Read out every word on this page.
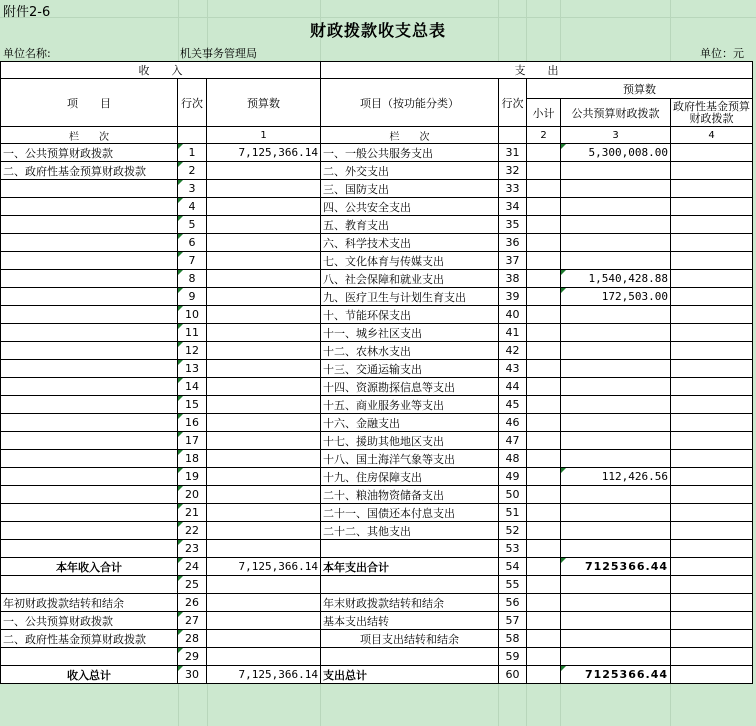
附件2-6
财政拨款收支总表
单位名称:	机关事务管理局	单位：元
收　　入			支　　出				
项　　目	行次	预算数	项目（按功能分类）	行次	预算数		
					小计	公共预算财政拨款	政府性基金预算财政拨款
栏　　次		1	栏　　次		2	3	4
一、公共预算财政拨款	1	7,125,366.14	一、一般公共服务支出	31		5,300,008.00	
二、政府性基金预算财政拨款	2		二、外交支出	32			
	3		三、国防支出	33			
	4		四、公共安全支出	34			
	5		五、教育支出	35			
	6		六、科学技术支出	36			
	7		七、文化体育与传媒支出	37			
	8		八、社会保障和就业支出	38		1,540,428.88	
	9		九、医疗卫生与计划生育支出	39		172,503.00	
	10		十、节能环保支出	40			
	11		十一、城乡社区支出	41			
	12		十二、农林水支出	42			
	13		十三、交通运输支出	43			
	14		十四、资源勘探信息等支出	44			
	15		十五、商业服务业等支出	45			
	16		十六、金融支出	46			
	17		十七、援助其他地区支出	47			
	18		十八、国土海洋气象等支出	48			
	19		十九、住房保障支出	49		112,426.56	
	20		二十、粮油物资储备支出	50			
	21		二十一、国债还本付息支出	51			
	22		二十二、其他支出	52			
	23			53			
本年收入合计	24	7,125,366.14	本年支出合计	54		7125366.44	
	25			55			
年初财政拨款结转和结余	26		年末财政拨款结转和结余	56			
一、公共预算财政拨款	27		基本支出结转	57			
二、政府性基金预算财政拨款	28		项目支出结转和结余	58			
	29			59			
收入总计	30	7,125,366.14	支出总计	60		7125366.44	
